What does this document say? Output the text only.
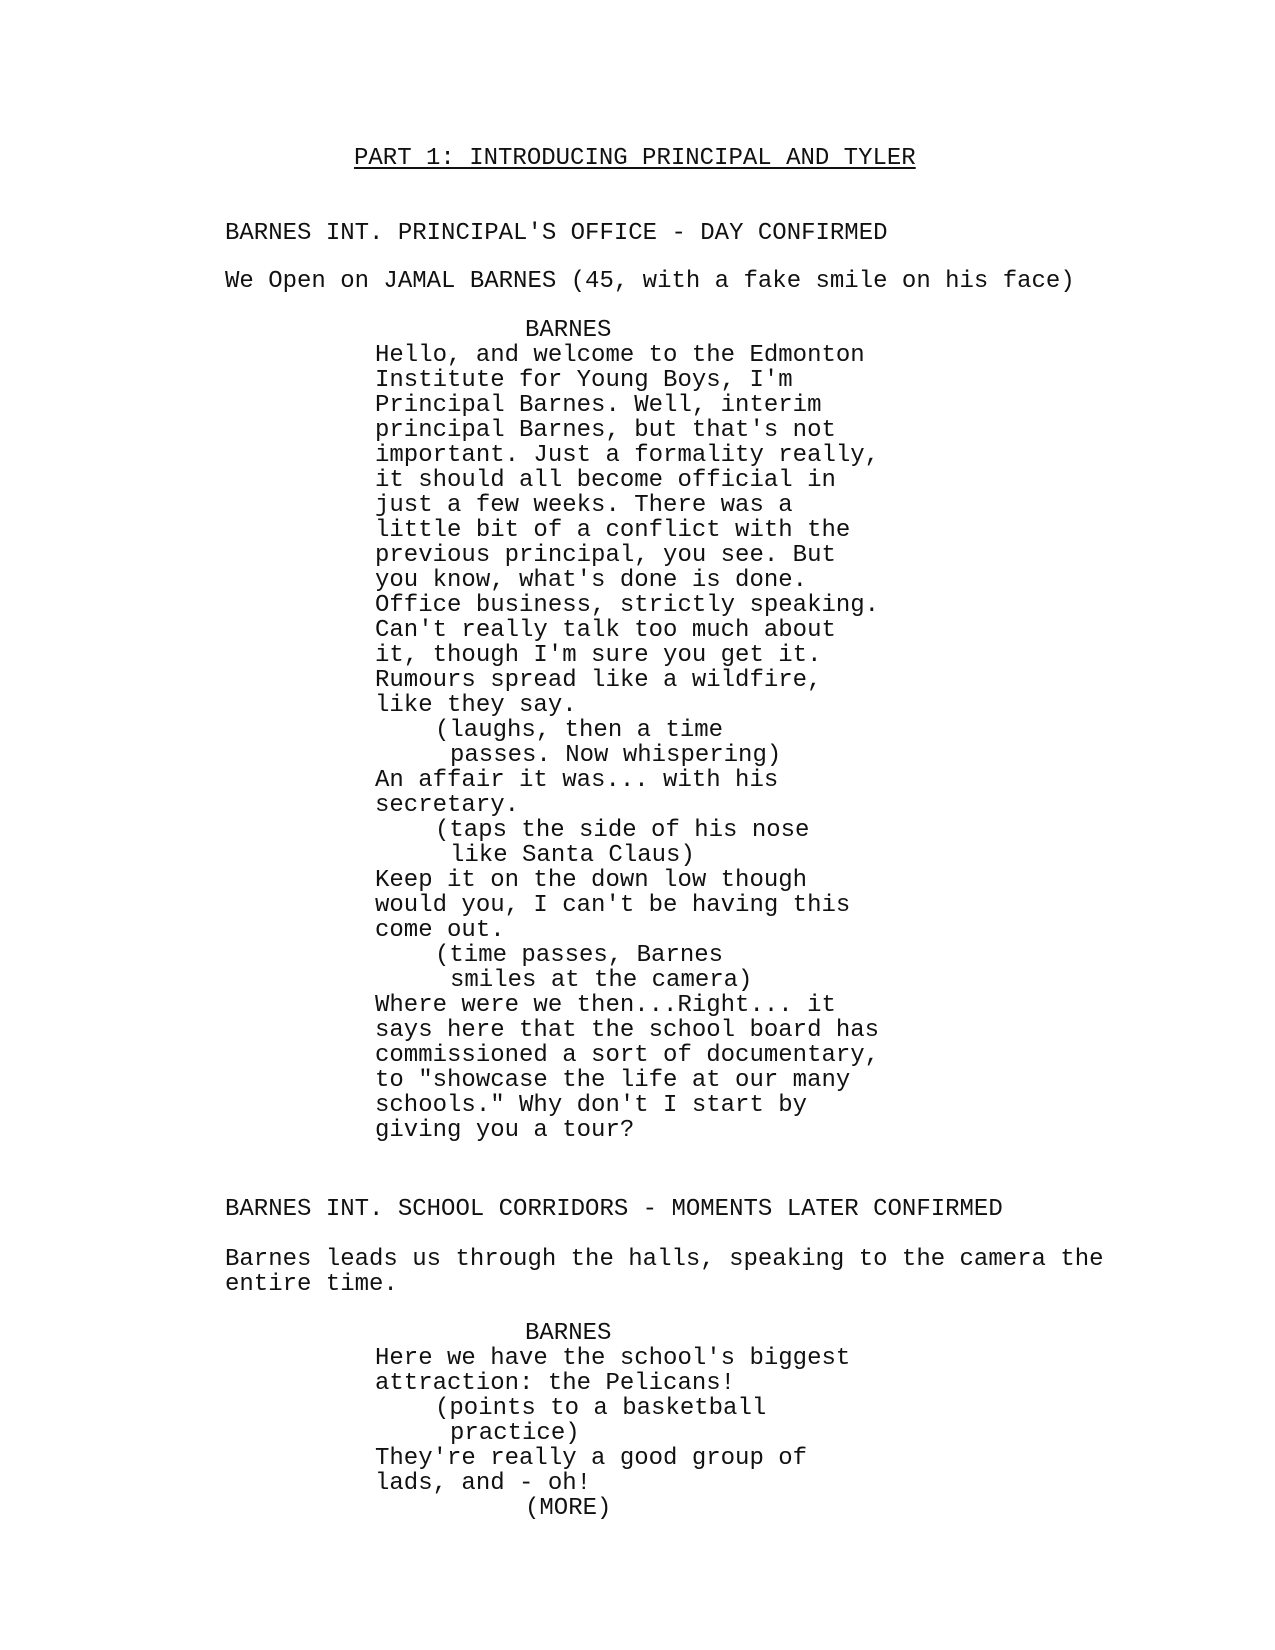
PART 1: INTRODUCING PRINCIPAL AND TYLER
BARNES INT. PRINCIPAL'S OFFICE - DAY CONFIRMED
We Open on JAMAL BARNES (45, with a fake smile on his face)
BARNES
Hello, and welcome to the Edmonton
Institute for Young Boys, I'm
Principal Barnes. Well, interim
principal Barnes, but that's not
important. Just a formality really,
it should all become official in
just a few weeks. There was a
little bit of a conflict with the
previous principal, you see. But
you know, what's done is done.
Office business, strictly speaking.
Can't really talk too much about
it, though I'm sure you get it.
Rumours spread like a wildfire,
like they say.
(laughs, then a time
passes. Now whispering)
An affair it was... with his
secretary.
(taps the side of his nose
like Santa Claus)
Keep it on the down low though
would you, I can't be having this
come out.
(time passes, Barnes
smiles at the camera)
Where were we then...Right... it
says here that the school board has
commissioned a sort of documentary,
to "showcase the life at our many
schools." Why don't I start by
giving you a tour?
BARNES INT. SCHOOL CORRIDORS - MOMENTS LATER CONFIRMED
Barnes leads us through the halls, speaking to the camera the
entire time.
BARNES
Here we have the school's biggest
attraction: the Pelicans!
(points to a basketball
practice)
They're really a good group of
lads, and - oh!
(MORE)
